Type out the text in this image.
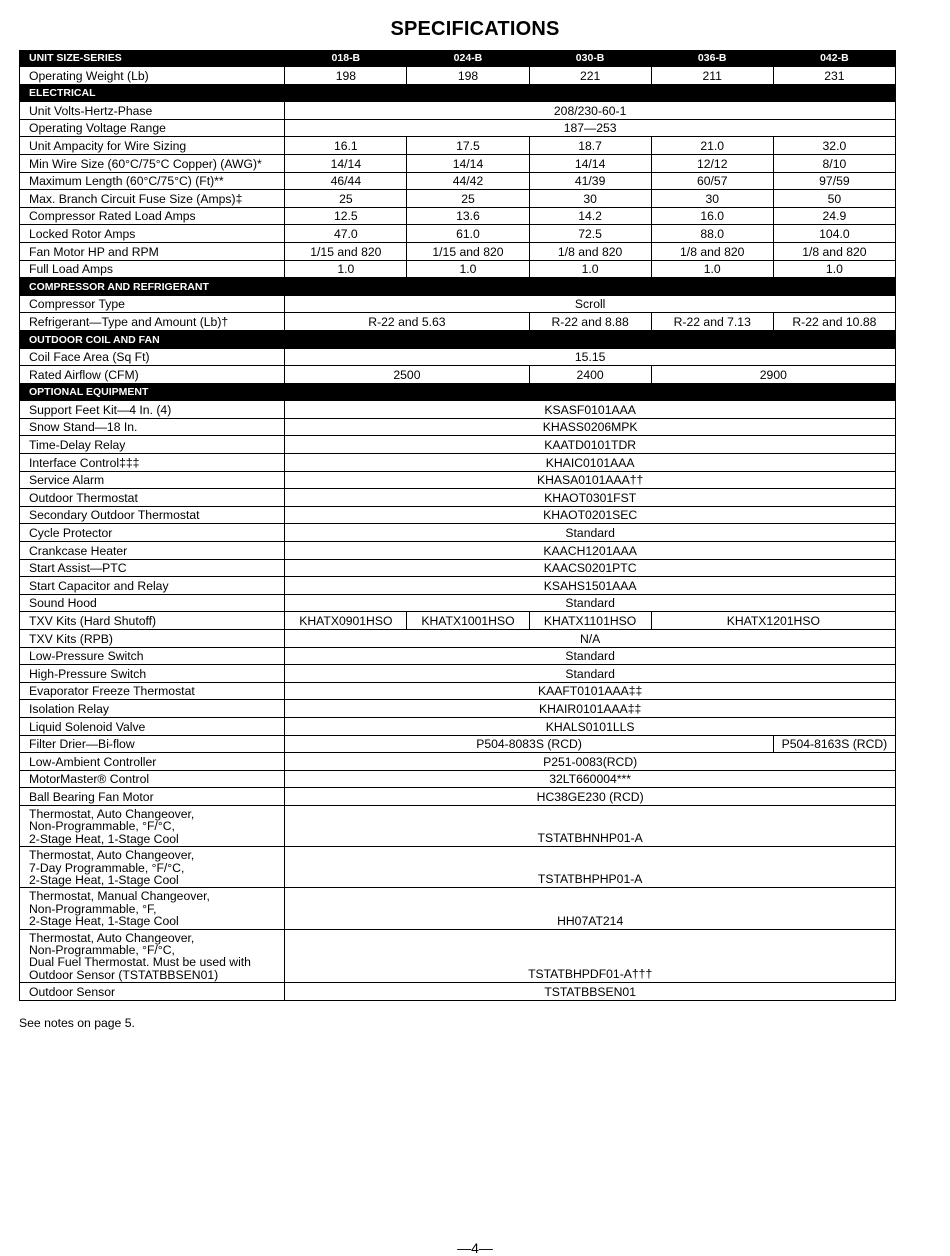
SPECIFICATIONS
UNIT SIZE-SERIES	018-B	024-B	030-B	036-B	042-B
Operating Weight (Lb)	198	198	221	211	231
ELECTRICAL					
Unit Volts-Hertz-Phase	208/230-60-1				
Operating Voltage Range	187—253				
Unit Ampacity for Wire Sizing	16.1	17.5	18.7	21.0	32.0
Min Wire Size (60°C/75°C Copper) (AWG)*	14/14	14/14	14/14	12/12	8/10
Maximum Length (60°C/75°C) (Ft)**	46/44	44/42	41/39	60/57	97/59
Max. Branch Circuit Fuse Size (Amps)‡	25	25	30	30	50
Compressor Rated Load Amps	12.5	13.6	14.2	16.0	24.9
Locked Rotor Amps	47.0	61.0	72.5	88.0	104.0
Fan Motor HP and RPM	1/15 and 820	1/15 and 820	1/8 and 820	1/8 and 820	1/8 and 820
Full Load Amps	1.0	1.0	1.0	1.0	1.0
COMPRESSOR AND REFRIGERANT					
Compressor Type	Scroll				
Refrigerant—Type and Amount (Lb)†	R-22 and 5.63		R-22 and 8.88	R-22 and 7.13	R-22 and 10.88
OUTDOOR COIL AND FAN					
Coil Face Area (Sq Ft)	15.15				
Rated Airflow (CFM)	2500		2400	2900	
OPTIONAL EQUIPMENT					
Support Feet Kit—4 In. (4)	KSASF0101AAA				
Snow Stand—18 In.	KHASS0206MPK				
Time-Delay Relay	KAATD0101TDR				
Interface Control‡‡‡	KHAIC0101AAA				
Service Alarm	KHASA0101AAA††				
Outdoor Thermostat	KHAOT0301FST				
Secondary Outdoor Thermostat	KHAOT0201SEC				
Cycle Protector	Standard				
Crankcase Heater	KAACH1201AAA				
Start Assist—PTC	KAACS0201PTC				
Start Capacitor and Relay	KSAHS1501AAA				
Sound Hood	Standard				
TXV Kits (Hard Shutoff)	KHATX0901HSO	KHATX1001HSO	KHATX1101HSO	KHATX1201HSO	
TXV Kits (RPB)	N/A				
Low-Pressure Switch	Standard				
High-Pressure Switch	Standard				
Evaporator Freeze Thermostat	KAAFT0101AAA‡‡				
Isolation Relay	KHAIR0101AAA‡‡				
Liquid Solenoid Valve	KHALS0101LLS				
Filter Drier—Bi-flow	P504-8083S (RCD)				P504-8163S (RCD)
Low-Ambient Controller	P251-0083(RCD)				
MotorMaster® Control	32LT660004***				
Ball Bearing Fan Motor	HC38GE230 (RCD)				
Thermostat, Auto Changeover,
Non-Programmable, °F/°C,
2-Stage Heat, 1-Stage Cool	TSTATBHNHP01-A				
Thermostat, Auto Changeover,
7-Day Programmable, °F/°C,
2-Stage Heat, 1-Stage Cool	TSTATBHPHP01-A				
Thermostat, Manual Changeover,
Non-Programmable, °F,
2-Stage Heat, 1-Stage Cool	HH07AT214				
Thermostat, Auto Changeover,
Non-Programmable, °F/°C,
Dual Fuel Thermostat. Must be used with
Outdoor Sensor (TSTATBBSEN01)	TSTATBHPDF01-A†††				
Outdoor Sensor	TSTATBBSEN01				
See notes on page 5.
—4—
